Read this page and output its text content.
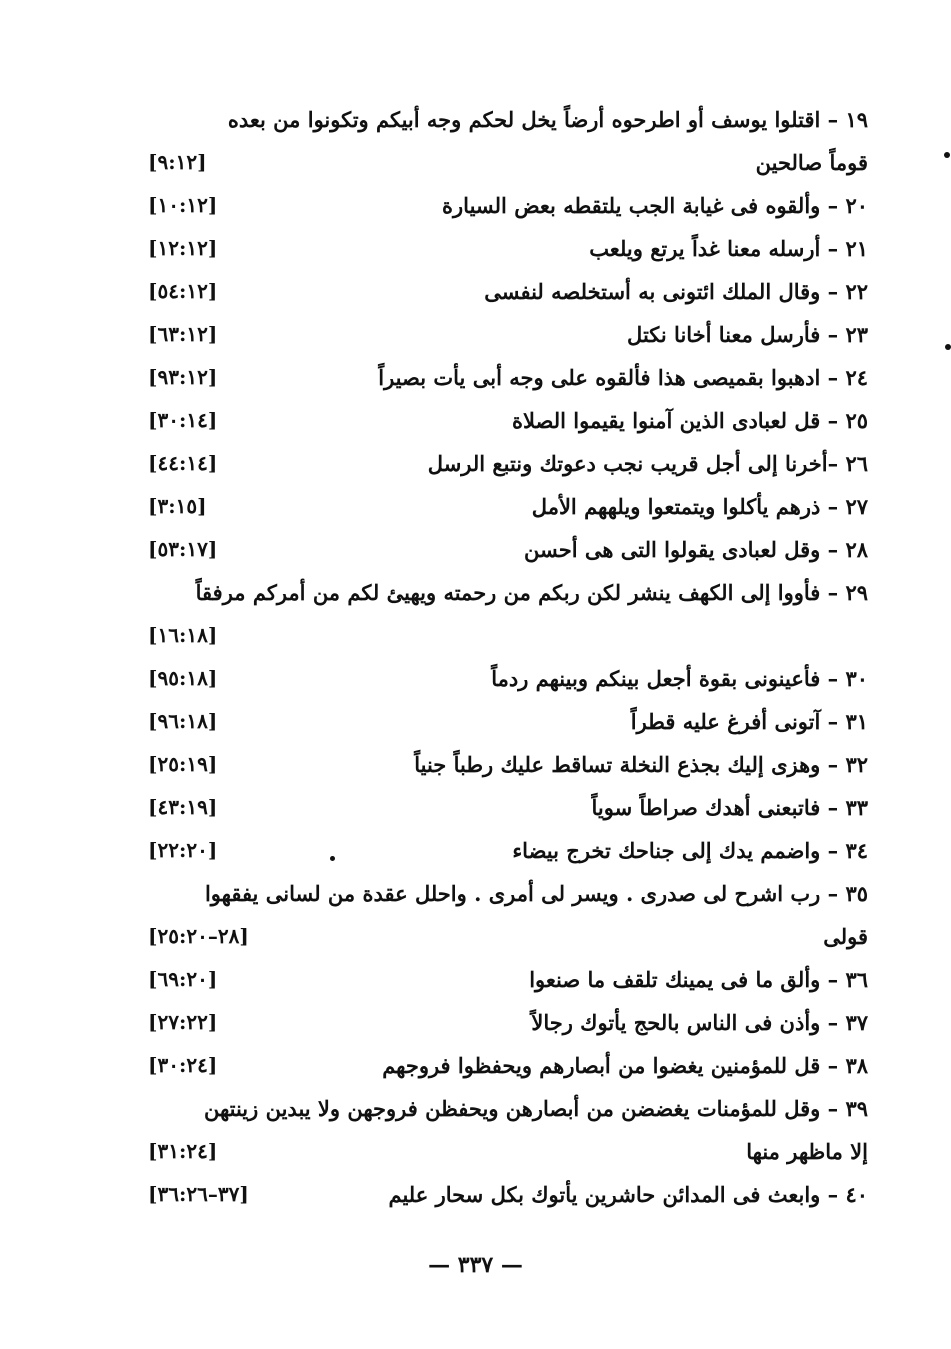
١٩ – اقتلوا يوسف أو اطرحوه أرضاً يخل لحكم وجه أبيكم وتكونوا من بعده
قوماً صالحين
[٩:١٢]
٢٠ – وألقوه فى غيابة الجب يلتقطه بعض السيارة
[١٠:١٢]
٢١ – أرسله معنا غداً يرتع ويلعب
[١٢:١٢]
٢٢ – وقال الملك ائتونى به أستخلصه لنفسى
[٥٤:١٢]
٢٣ – فأرسل معنا أخانا نكتل
[٦٣:١٢]
٢٤ – ادهبوا بقميصى هذا فألقوه على وجه أبى يأت بصيراً
[٩٣:١٢]
٢٥ – قل لعبادى الذين آمنوا يقيموا الصلاة
[٣٠:١٤]
٢٦ –أخرنا إلى أجل قريب نجب دعوتك ونتبع الرسل
[٤٤:١٤]
٢٧ – ذرهم يأكلوا ويتمتعوا ويلههم الأمل
[٣:١٥]
٢٨ – وقل لعبادى يقولوا التى هى أحسن
[٥٣:١٧]
٢٩ – فأووا إلى الكهف ينشر لكن ربكم من رحمته ويهيئ لكم من أمركم مرفقاً
[١٦:١٨]
٣٠ – فأعينونى بقوة أجعل بينكم وبينهم ردماً
[٩٥:١٨]
٣١ – آتونى أفرغ عليه قطراً
[٩٦:١٨]
٣٢ – وهزى إليك بجذع النخلة تساقط عليك رطباً جنياً
[٢٥:١٩]
٣٣ – فاتبعنى أهدك صراطاً سوياً
[٤٣:١٩]
٣٤ – واضمم يدك إلى جناحك تخرج بيضاء
[٢٢:٢٠]
٣٥ – رب اشرح لى صدرى . ويسر لى أمرى . واحلل عقدة من لسانى يفقهوا
قولى
[٢٨–٢٥:٢٠]
٣٦ – وألق ما فى يمينك تلقف ما صنعوا
[٦٩:٢٠]
٣٧ – وأذن فى الناس بالحج يأتوك رجالاً
[٢٧:٢٢]
٣٨ – قل للمؤمنين يغضوا من أبصارهم ويحفظوا فروجهم
[٣٠:٢٤]
٣٩ – وقل للمؤمنات يغضضن من أبصارهن ويحفظن فروجهن ولا يبدين زينتهن
إلا ماظهر منها
[٣١:٢٤]
٤٠ – وابعث فى المدائن حاشرين يأتوك بكل سحار عليم
[٣٧–٣٦:٢٦]
— ٣٣٧ —
